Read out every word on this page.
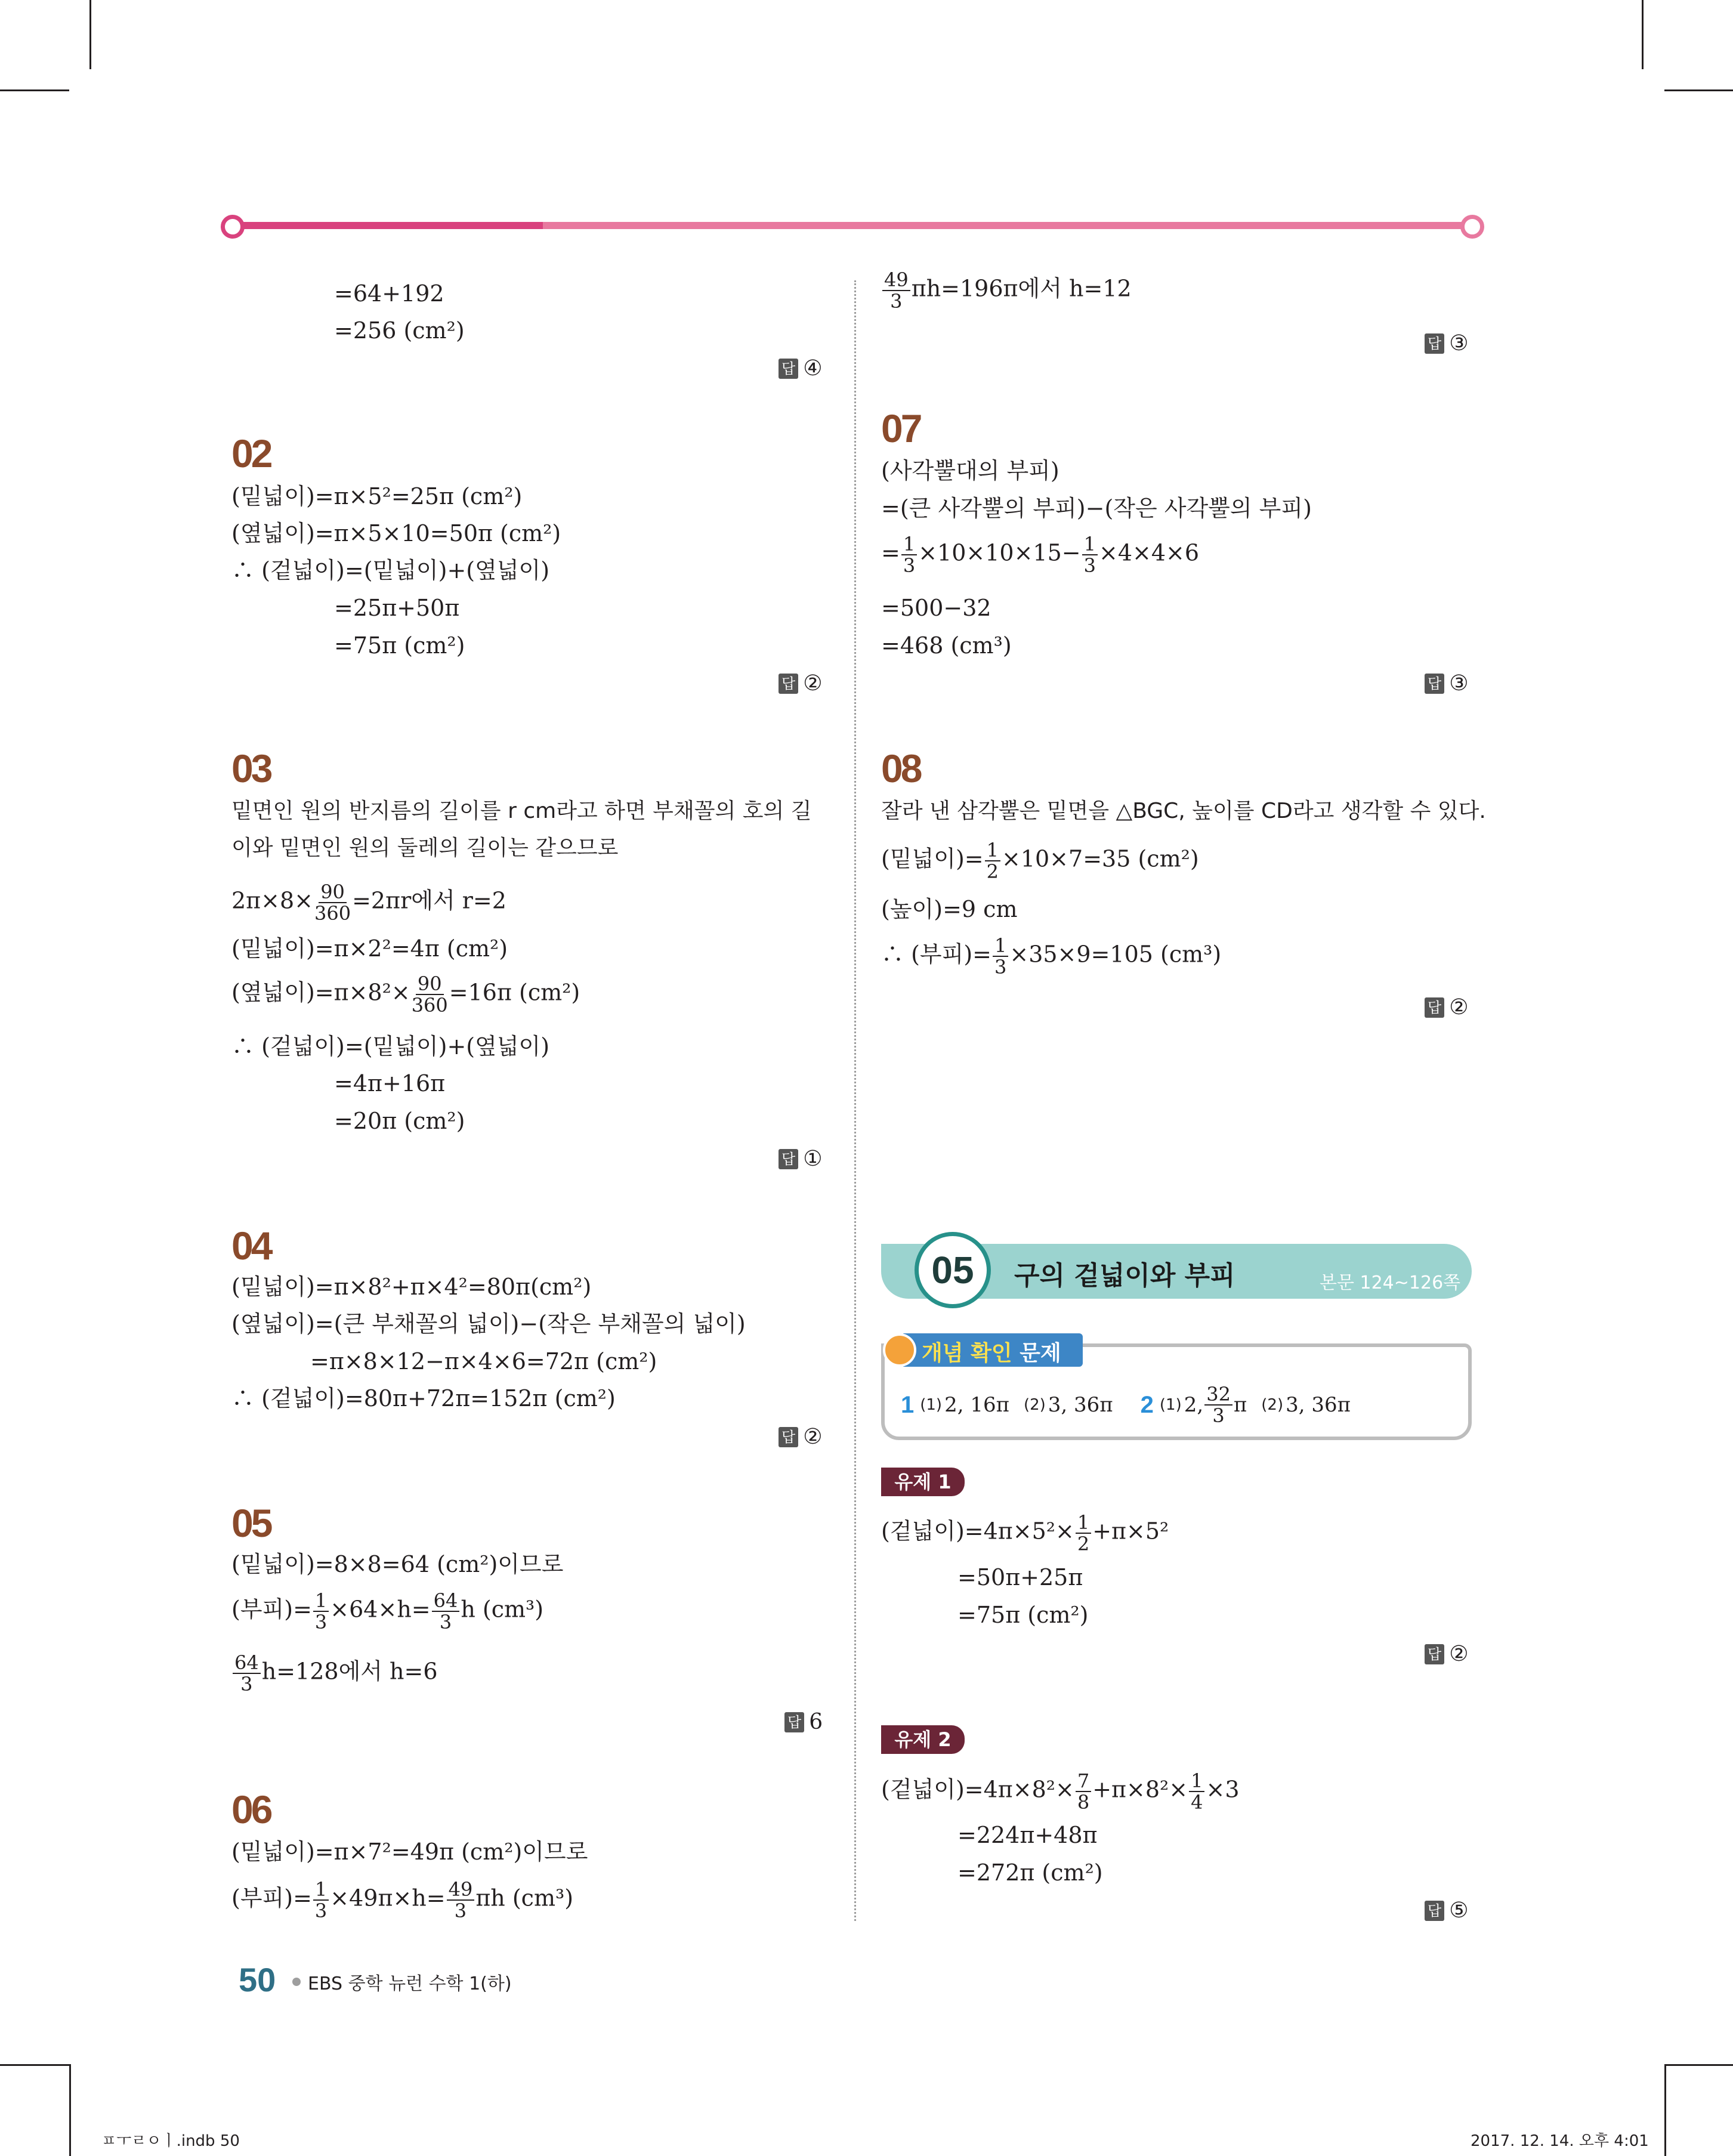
=64+192
=256 (cm²)
답 ④
02
(밑넓이)=π×5²=25π (cm²)
(옆넓이)=π×5×10=50π (cm²)
∴ (겉넓이)=(밑넓이)+(옆넓이)
=25π+50π
=75π (cm²)
답 ②
03
밑면인 원의 반지름의 길이를 r cm라고 하면 부채꼴의 호의 길
이와 밑면인 원의 둘레의 길이는 같으므로
$2\pi\times 8\times \frac{90}{360} =2\pi r$에서 r=2
(밑넓이)=π×2²=4π (cm²)
(옆넓이)$=\pi\times 8^2\times \frac{90}{360} =16\pi$ (cm²)
∴ (겉넓이)=(밑넓이)+(옆넓이)
=4π+16π
=20π (cm²)
답 ①
04
(밑넓이)=π×8²+π×4²=80π(cm²)
(옆넓이)=(큰 부채꼴의 넓이)−(작은 부채꼴의 넓이)
=π×8×12−π×4×6=72π (cm²)
∴ (겉넓이)=80π+72π=152π (cm²)
답 ②
05
(밑넓이)=8×8=64 (cm²)이므로
(부피)= $\frac{1}{3} \times 64\times h= \frac{64}{3}$ h (cm³)
$\frac{64}{3} h=128$에서 h=6
답 6
06
(밑넓이)=π×7²=49π (cm²)이므로
(부피)= $\frac{1}{3} \times 49\pi\times h= \frac{49}{3}$ πh (cm³)
$\frac{49}{3} \pi h=196\pi$에서 h=12
답 ③
07
(사각뿔대의 부피)
=(큰 사각뿔의 부피)−(작은 사각뿔의 부피)
= $\frac{1}{3} \times 10\times 10\times 15- \frac{1}{3} \times 4\times 4\times 6$
=500−32
=468 (cm³)
답 ③
08
잘라 낸 삼각뿔은 밑면을 △BGC, 높이를 CD라고 생각할 수 있다.
(밑넓이)= $\frac{1}{2} \times 10\times 7=35$ (cm²)
(높이)=9 cm
∴ (부피)= $\frac{1}{3} \times 35\times 9=105$ (cm³)
답 ②
05	구의 겉넓이와 부피	본문 124~126쪽
개념 확인 문제
1 (1) 2, 16π (2) 3, 36π 2 (1) 2, $\frac{32}{3}$ π (2) 3, 36π
유제 1
(겉넓이)$=4\pi\times 5^2\times \frac{1}{2} +\pi\times 5^2$
=50π+25π
=75π (cm²)
답 ②
유제 2
(겉넓이)$=4\pi\times 8^2\times \frac{7}{8} +\pi\times 8^2\times \frac{1}{4} \times 3$
=224π+48π
=272π (cm²)
답 ⑤
50 EBS 중학 뉴런 수학 1(하)
ㅍㅜㄹㅇㅣ.indb 50	2017. 12. 14. 오후 4:01
